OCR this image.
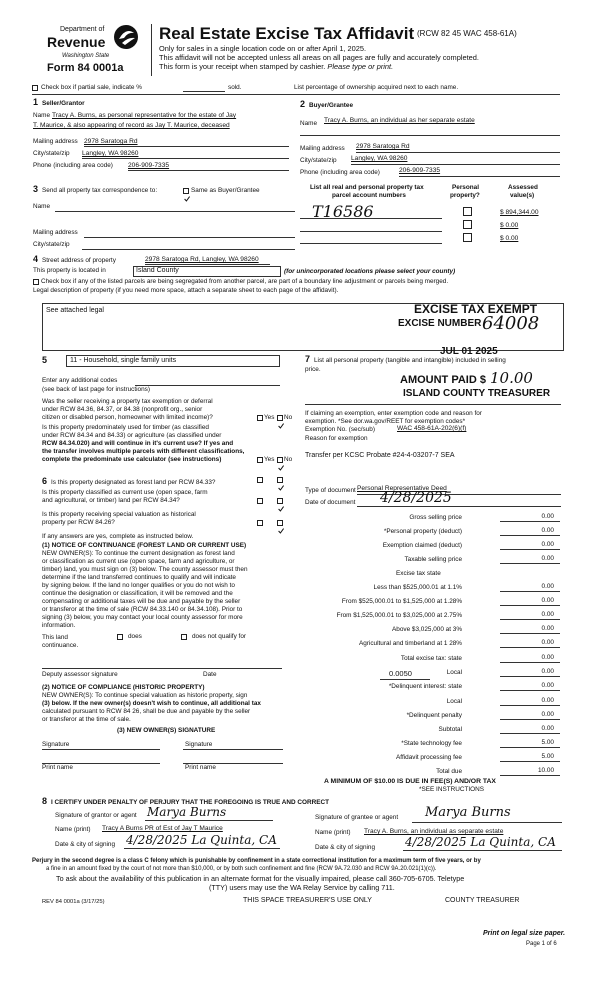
Department of
Revenue
Washington State
Form 84 0001a
Real Estate Excise Tax Affidavit (RCW 82 45 WAC 458-61A)
Only for sales in a single location code on or after April 1, 2025.
This affidavit will not be accepted unless all areas on all pages are fully and accurately completed.
This form is your receipt when stamped by cashier. Please type or print.
Check box if partial sale, indicate %	sold.	List percentage of ownership acquired next to each name.
1 Seller/Grantor
Name Tracy A. Burns, as personal representative for the estate of Jay
T. Maurice, & also appearing of record as Jay T. Maurice, deceased
Mailing address 2978 Saratoga Rd
City/state/zip Langley, WA 98260
Phone (including area code) 206-909-7335
2 Buyer/Grantee
Name Tracy A. Burns, an individual as her separate estate
Mailing address 2978 Saratoga Rd
City/state/zip Langley, WA 98260
Phone (including area code)	206-909-7335
3 Send all property tax correspondence to:	Same as Buyer/Grantee
Name
Mailing address
City/state/zip
List all real and personal property tax
parcel account numbers
Personal
property?
Assessed
value(s)
T16586	$ 894,344.00
$ 0.00
$ 0.00
4 Street address of property	2978 Saratoga Rd, Langley, WA 98260
This property is located in	Island County	(for unincorporated locations please select your county)
Check box if any of the listed parcels are being segregated from another parcel, are part of a boundary line adjustment or parcels being merged.
Legal description of property (if you need more space, attach a separate sheet to each page of the affidavit).
See attached legal	EXCISE TAX EXEMPT
EXCISE NUMBER 64008
JUL 01 2025
5	11 - Household, single family units
Enter any additional codes
(see back of last page for instructions)
Was the seller receiving a property tax exemption or deferral
under RCW 84.36, 84.37, or 84.38 (nonprofit org., senior
citizen or disabled person, homeowner with limited income)?	Yes No
Is this property predominately used for timber (as classified
under RCW 84.34 and 84.33) or agriculture (as classified under
RCW 84.34.020) and will continue in it's current use? If yes and
the transfer involves multiple parcels with different classifications,
complete the predominate use calculator (see instructions)	Yes No
6 Is this property designated as forest land per RCW 84.33?
Is this property classified as current use (open space, farm
and agricultural, or timber) land per RCW 84.34?
Is this property receiving special valuation as historical
property per RCW 84.26?
If any answers are yes, complete as instructed below.
(1) NOTICE OF CONTINUANCE (FOREST LAND OR CURRENT USE)
NEW OWNER(S): To continue the current designation as forest land
or classification as current use (open space, farm and agriculture, or
timber) land, you must sign on (3) below. The county assessor must then
determine if the land transferred continues to qualify and will indicate
by signing below. If the land no longer qualifies or you do not wish to
continue the designation or classification, it will be removed and the
compensating or additional taxes will be due and payable by the seller
or transferor at the time of sale (RCW 84.33.140 or 84.34.108). Prior to
signing (3) below, you may contact your local county assessor for more
information.
This land	does	does not qualify for
continuance.
Deputy assessor signature	Date
(2) NOTICE OF COMPLIANCE (HISTORIC PROPERTY)
NEW OWNER(S): To continue special valuation as historic property, sign
(3) below. If the new owner(s) doesn't wish to continue, all additional tax
calculated pursuant to RCW 84 26, shall be due and payable by the seller
or transferor at the time of sale.
(3) NEW OWNER(S) SIGNATURE
Signature	Signature
Print name	Print name
7 List all personal property (tangible and intangible) included in selling
price.
AMOUNT PAID $ 10.00
ISLAND COUNTY TREASURER
If claiming an exemption, enter exemption code and reason for
exemption. *See dor.wa.gov/REET for exemption codes*
Exemption No. (sec/sub)	WAC 458-61A-202(6)(f)
Reason for exemption
Transfer per KCSC Probate #24-4-03207-7 SEA
Type of document Personal Representative Deed
Date of document 4/28/2025
Gross selling price	0.00
*Personal property (deduct)	0.00
Exemption claimed (deduct)	0.00
Taxable selling price	0.00
Excise tax state
Less than $525,000.01 at 1.1%	0.00
From $525,000.01 to $1,525,000 at 1.28%	0.00
From $1,525,000.01 to $3,025,000 at 2.75%	0.00
Above $3,025,000 at 3%	0.00
Agricultural and timberland at 1 28%	0.00
Total excise tax: state	0.00
0.0050	Local	0.00
*Delinquent interest: state	0.00
Local	0.00
*Delinquent penalty	0.00
Subtotal	0.00
*State technology fee	5.00
Affidavit processing fee	5.00
Total due	10.00
A MINIMUM OF $10.00 IS DUE IN FEE(S) AND/OR TAX
*SEE INSTRUCTIONS
8 I CERTIFY UNDER PENALTY OF PERJURY THAT THE FOREGOING IS TRUE AND CORRECT
Signature of grantor or agent Marya Burns
Name (print) Tracy A Burns PR of Est of Jay T Maurice
Date & city of signing 4/28/2025 La Quinta, CA
Signature of grantee or agent Marya Burns
Name (print) Tracy A. Burns, an individual as separate estate
Date & city of signing 4/28/2025 La Quinta, CA
Perjury in the second degree is a class C felony which is punishable by confinement in a state correctional institution for a maximum term of five years, or by
a fine in an amount fixed by the court of not more than $10,000, or by both such confinement and fine (RCW 9A.72.030 and RCW 9A.20.021(1)(c)).
To ask about the availability of this publication in an alternate format for the visually impaired, please call 360-705-6705. Teletype
(TTY) users may use the WA Relay Service by calling 711.
REV 84 0001a (3/17/25)	THIS SPACE TREASURER'S USE ONLY	COUNTY TREASURER
Print on legal size paper.
Page 1 of 6
